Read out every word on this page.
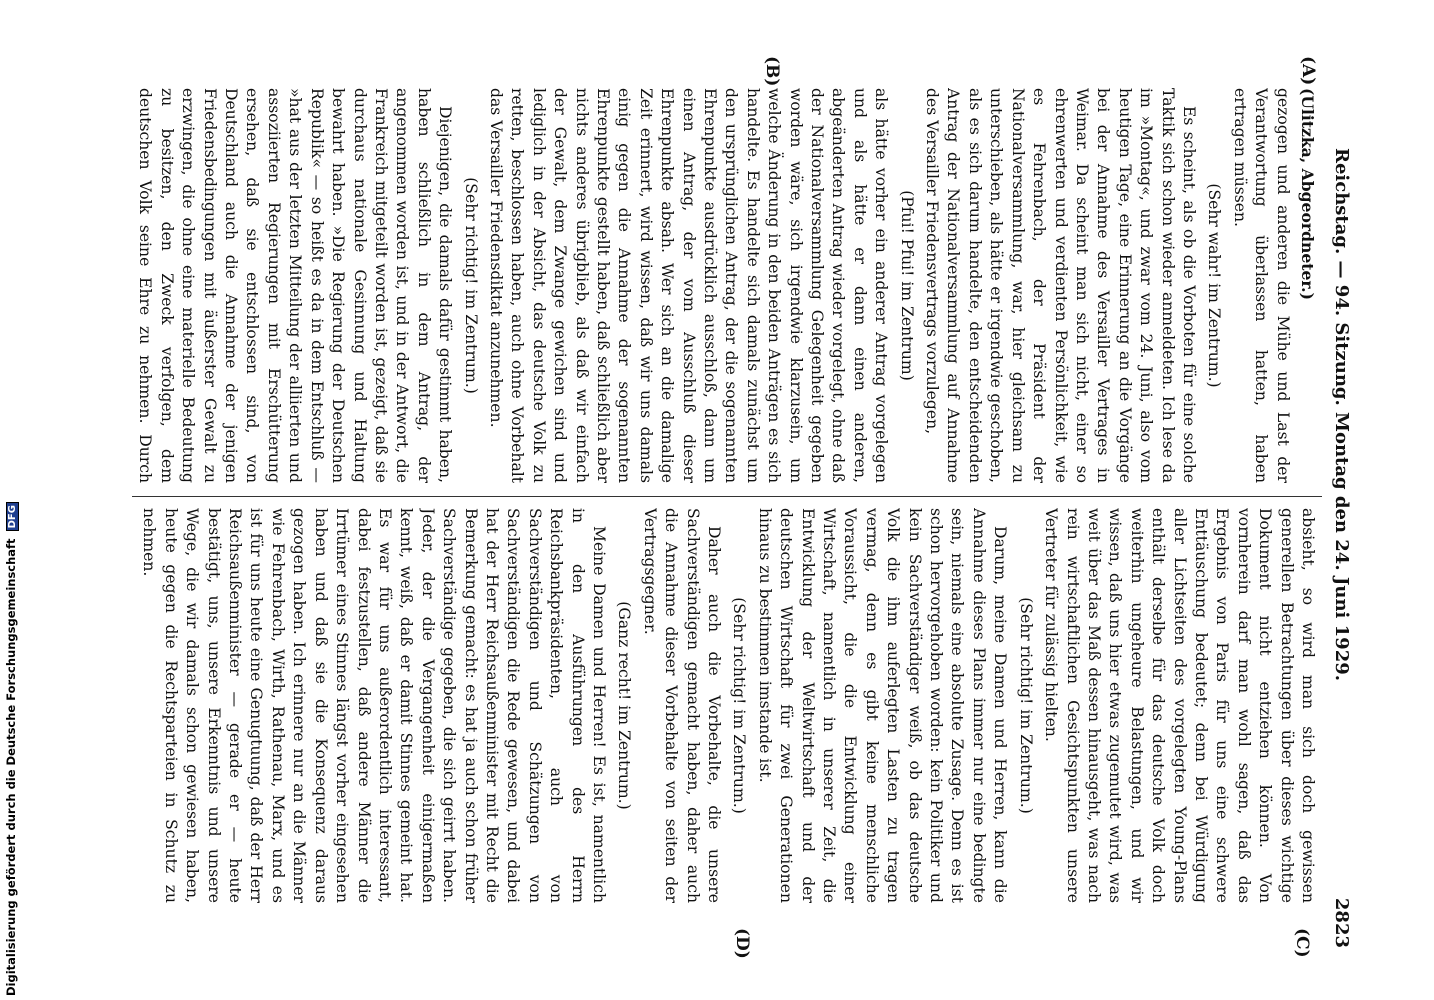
Reichstag. — 94. Sitzung. Montag den 24. Juni 1929.
2823
(A)
(B)
(C)
(D)

(Ulitzka, Abgeordneter.)

gezogen und anderen die Mühe und Last der Verantwortung überlassen hatten, haben ertragen müssen.

(Sehr wahr! im Zentrum.)

Es scheint, als ob die Vorboten für eine solche Taktik sich schon wieder anmeldeten. Ich lese da im »Montag«, und zwar vom 24. Juni, also vom heutigen Tage, eine Erinnerung an die Vorgänge bei der Annahme des Versailler Vertrages in Weimar. Da scheint man sich nicht, einer so ehrenwerten und verdienten Persönlichkeit, wie es Fehrenbach, der Präsident der Nationalversammlung, war, hier gleichsam zu unterschieben, als hätte er irgendwie geschoben, als es sich darum handelte, den entscheidenden Antrag der Nationalversammlung auf Annahme des Versailler Friedensvertrags vorzulegen,

(Pfui! Pfui! im Zentrum)

als hätte vorher ein anderer Antrag vorgelegen und als hätte er dann einen anderen, abgeänderten Antrag wieder vorgelegt, ohne daß der Nationalversammlung Gelegenheit gegeben worden wäre, sich irgendwie klarzusein, um welche Änderung in den beiden Anträgen es sich handelte. Es handelte sich damals zunächst um den ursprünglichen Antrag, der die sogenannten Ehrenpunkte ausdrücklich ausschloß, dann um einen Antrag, der vom Ausschluß dieser Ehrenpunkte absah. Wer sich an die damalige Zeit erinnert, wird wissen, daß wir uns damals einig gegen die Annahme der sogenannten Ehrenpunkte gestellt haben, daß schließlich aber nichts anderes übrigblieb, als daß wir einfach der Gewalt, dem Zwange gewichen sind und lediglich in der Absicht, das deutsche Volk zu retten, beschlossen haben, auch ohne Vorbehalt das Versailler Friedensdiktat anzunehmen.

(Sehr richtig! im Zentrum.)

Diejenigen, die damals dafür gestimmt haben, haben schließlich in dem Antrag, der angenommen worden ist, und in der Antwort, die Frankreich mitgeteilt worden ist, gezeigt, daß sie durchaus nationale Gesinnung und Haltung bewahrt haben. »Die Regierung der Deutschen Republik« — so heißt es da in dem Entschluß — »hat aus der letzten Mitteilung der alliierten und assoziierten Regierungen mit Erschütterung ersehen, daß sie entschlossen sind, von Deutschland auch die Annahme der jenigen Friedensbedingungen mit äußerster Gewalt zu erzwingen, die ohne eine materielle Bedeutung zu besitzen, den Zweck verfolgen, dem deutschen Volk seine Ehre zu nehmen. Durch

absieht, so wird man sich doch gewissen generellen Betrachtungen über dieses wichtige Dokument nicht entziehen können. Von vornherein darf man wohl sagen, daß das Ergebnis von Paris für uns eine schwere Enttäuschung bedeutet; denn bei Würdigung aller Lichtseiten des vorgelegten Young-Plans enthält derselbe für das deutsche Volk doch weiterhin ungeheure Belastungen, und wir wissen, daß uns hier etwas zugemutet wird, was weit über das Maß dessen hinausgeht, was nach rein wirtschaftlichen Gesichtspunkten unsere Vertreter für zulässig hielten.

(Sehr richtig! im Zentrum.)

Darum, meine Damen und Herren, kann die Annahme dieses Plans immer nur eine bedingte sein, niemals eine absolute Zusage. Denn es ist schon hervorgehoben worden: kein Politiker und kein Sachverständiger weiß, ob das deutsche Volk die ihm auferlegten Lasten zu tragen vermag, denn es gibt keine menschliche Voraussicht, die die Entwicklung einer Wirtschaft, namentlich in unserer Zeit, die Entwicklung der Weltwirtschaft und der deutschen Wirtschaft für zwei Generationen hinaus zu bestimmen imstande ist.

(Sehr richtig! im Zentrum.)

Daher auch die Vorbehalte, die unsere Sachverständigen gemacht haben, daher auch die Annahme dieser Vorbehalte von seiten der Vertragsgegner.

(Ganz recht! im Zentrum.)

Meine Damen und Herren! Es ist, namentlich in den Ausführungen des Herrn Reichsbankpräsidenten, auch von Sachverständigen und Schätzungen von Sachverständigen die Rede gewesen, und dabei hat der Herr Reichsaußenminister mit Recht die Bemerkung gemacht: es hat ja auch schon früher Sachverständige gegeben, die sich geirrt haben. Jeder, der die Vergangenheit einigermaßen kennt, weiß, daß er damit Stinnes gemeint hat. Es war für uns außerordentlich interessant, dabei festzustellen, daß andere Männer die Irrtümer eines Stinnes längst vorher eingesehen haben und daß sie die Konsequenz daraus gezogen haben. Ich erinnere nur an die Männer wie Fehrenbach, Wirth, Rathenau, Marx, und es ist für uns heute eine Genugtuung, daß der Herr Reichsaußenminister — gerade er — heute bestätigt, uns, unsere Erkenntnis und unsere Wege, die wir damals schon gewiesen haben, heute gegen die Rechtsparteien in Schutz zu nehmen.

Digitalisierung gefördert durch die Deutsche Forschungsgemeinschaft DFG
